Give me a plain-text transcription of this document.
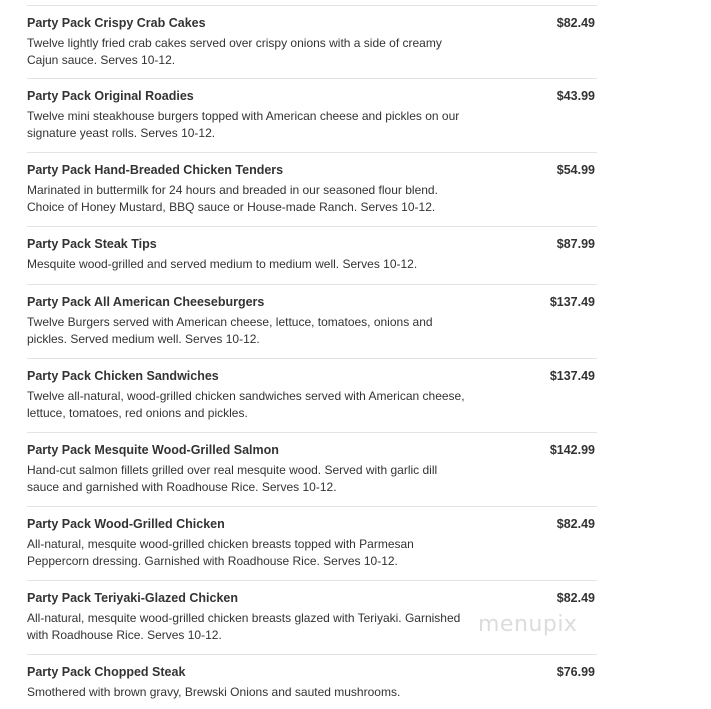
Party Pack Crispy Crab Cakes	$82.49
Twelve lightly fried crab cakes served over crispy onions with a side of creamy Cajun sauce. Serves 10-12.
Party Pack Original Roadies	$43.99
Twelve mini steakhouse burgers topped with American cheese and pickles on our signature yeast rolls. Serves 10-12.
Party Pack Hand-Breaded Chicken Tenders	$54.99
Marinated in buttermilk for 24 hours and breaded in our seasoned flour blend. Choice of Honey Mustard, BBQ sauce or House-made Ranch. Serves 10-12.
Party Pack Steak Tips	$87.99
Mesquite wood-grilled and served medium to medium well. Serves 10-12.
Party Pack All American Cheeseburgers	$137.49
Twelve Burgers served with American cheese, lettuce, tomatoes, onions and pickles. Served medium well. Serves 10-12.
Party Pack Chicken Sandwiches	$137.49
Twelve all-natural, wood-grilled chicken sandwiches served with American cheese, lettuce, tomatoes, red onions and pickles.
Party Pack Mesquite Wood-Grilled Salmon	$142.99
Hand-cut salmon fillets grilled over real mesquite wood. Served with garlic dill sauce and garnished with Roadhouse Rice. Serves 10-12.
Party Pack Wood-Grilled Chicken	$82.49
All-natural, mesquite wood-grilled chicken breasts topped with Parmesan Peppercorn dressing. Garnished with Roadhouse Rice. Serves 10-12.
Party Pack Teriyaki-Glazed Chicken	$82.49
All-natural, mesquite wood-grilled chicken breasts glazed with Teriyaki. Garnished with Roadhouse Rice. Serves 10-12.
Party Pack Chopped Steak	$76.99
Smothered with brown gravy, Brewski Onions and sauted mushrooms.
menupix
